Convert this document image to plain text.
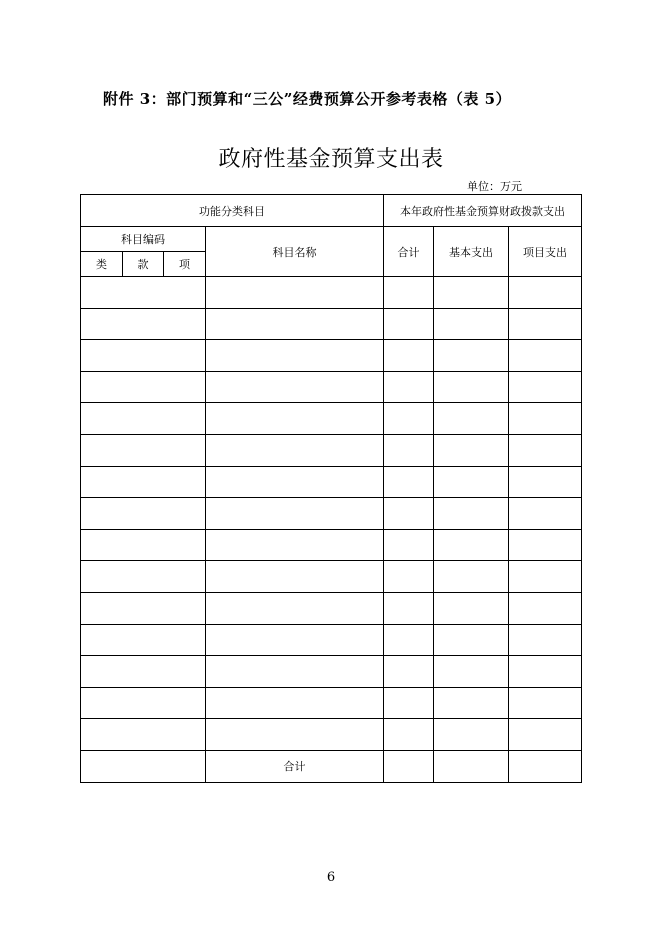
附件 3：部门预算和“三公”经费预算公开参考表格（表 5）
政府性基金预算支出表
单位：万元
功能分类科目				本年政府性基金预算财政拨款支出		
科目编码			科目名称	合计	基本支出	项目支出
类	款	项				

			合计			
6
